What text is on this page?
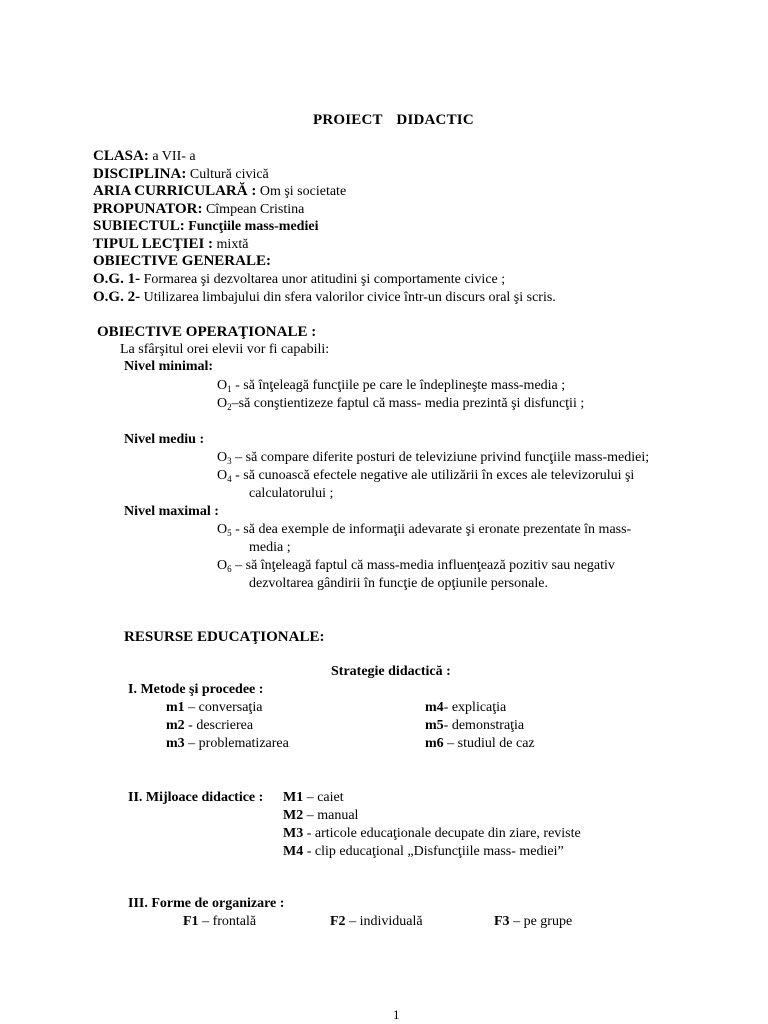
PROIECT DIDACTIC
CLASA: a VII- a
DISCIPLINA: Cultură civică
ARIA CURRICULARĂ : Om şi societate
PROPUNATOR: Cîmpean Cristina
SUBIECTUL: Funcţiile mass-mediei
TIPUL LECŢIEI : mixtă
OBIECTIVE GENERALE:
O.G. 1- Formarea şi dezvoltarea unor atitudini şi comportamente civice ;
O.G. 2- Utilizarea limbajului din sfera valorilor civice într-un discurs oral şi scris.
OBIECTIVE OPERAŢIONALE :
La sfârşitul orei elevii vor fi capabili:
Nivel minimal:
$O_1$ - să înţeleagă funcţiile pe care le îndeplineşte mass-media ;
$O_2-să$ conştientizeze faptul că mass- media prezintă şi disfuncţii ;
Nivel mediu :
$O_3$ – să compare diferite posturi de televiziune privind funcţiile mass-mediei;
$O_4$ - să cunoască efectele negative ale utilizării în exces ale televizorului şi
calculatorului ;
Nivel maximal :
$O_5$ - să dea exemple de informaţii adevarate şi eronate prezentate în mass-
media ;
$O_6$ – să înţeleagă faptul că mass-media influenţează pozitiv sau negativ
dezvoltarea gândirii în funcţie de opţiunile personale.
RESURSE EDUCAŢIONALE:
Strategie didactică :
I. Metode şi procedee :
m1 – conversaţia
m2 - descrierea
m3 – problematizarea
m4- explicaţia
m5- demonstraţia
m6 – studiul de caz
II. Mijloace didactice : M1 – caiet
M2 – manual
M3 - articole educaţionale decupate din ziare, reviste
M4 - clip educaţional „Disfuncţiile mass- mediei”
III. Forme de organizare :
F1 – frontală	F2 – individuală	F3 – pe grupe
1
